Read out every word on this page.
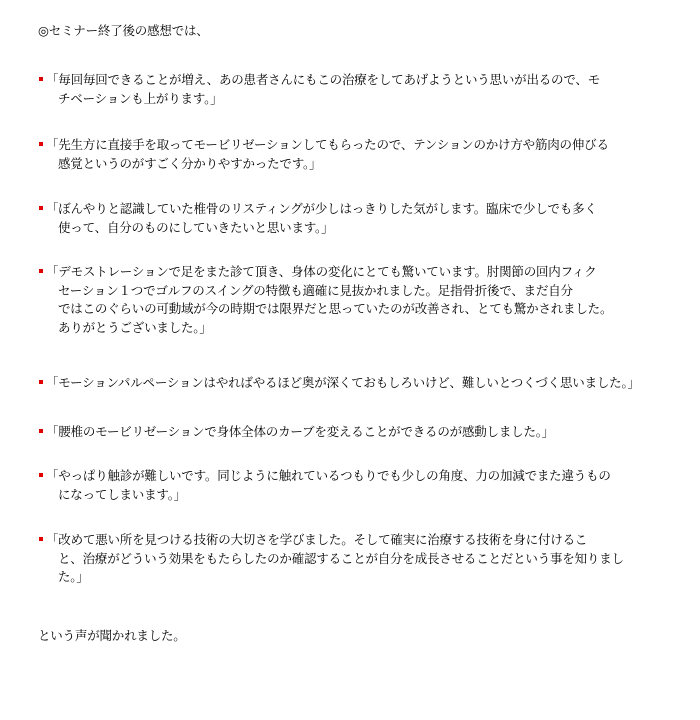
◎セミナー終了後の感想では、
「毎回毎回できることが増え、あの患者さんにもこの治療をしてあげようという思いが出るので、モ
チベーションも上がります。」
「先生方に直接手を取ってモービリゼーションしてもらったので、テンションのかけ方や筋肉の伸びる
感覚というのがすごく分かりやすかったです。」
「ぼんやりと認識していた椎骨のリスティングが少しはっきりした気がします。臨床で少しでも多く
使って、自分のものにしていきたいと思います。」
「デモストレーションで足をまた診て頂き、身体の変化にとても驚いています。肘関節の回内フィク
セーション１つでゴルフのスイングの特徴も適確に見抜かれました。足指骨折後で、まだ自分
ではこのぐらいの可動域が今の時期では限界だと思っていたのが改善され、とても驚かされました。
ありがとうございました。」
「モーションパルペーションはやればやるほど奥が深くておもしろいけど、難しいとつくづく思いました。」
「腰椎のモービリゼーションで身体全体のカーブを変えることができるのが感動しました。」
「やっぱり触診が難しいです。同じように触れているつもりでも少しの角度、力の加減でまた違うもの
になってしまいます。」
「改めて悪い所を見つける技術の大切さを学びました。そして確実に治療する技術を身に付けるこ
と、治療がどういう効果をもたらしたのか確認することが自分を成長させることだという事を知りまし
た。」
という声が聞かれました。
